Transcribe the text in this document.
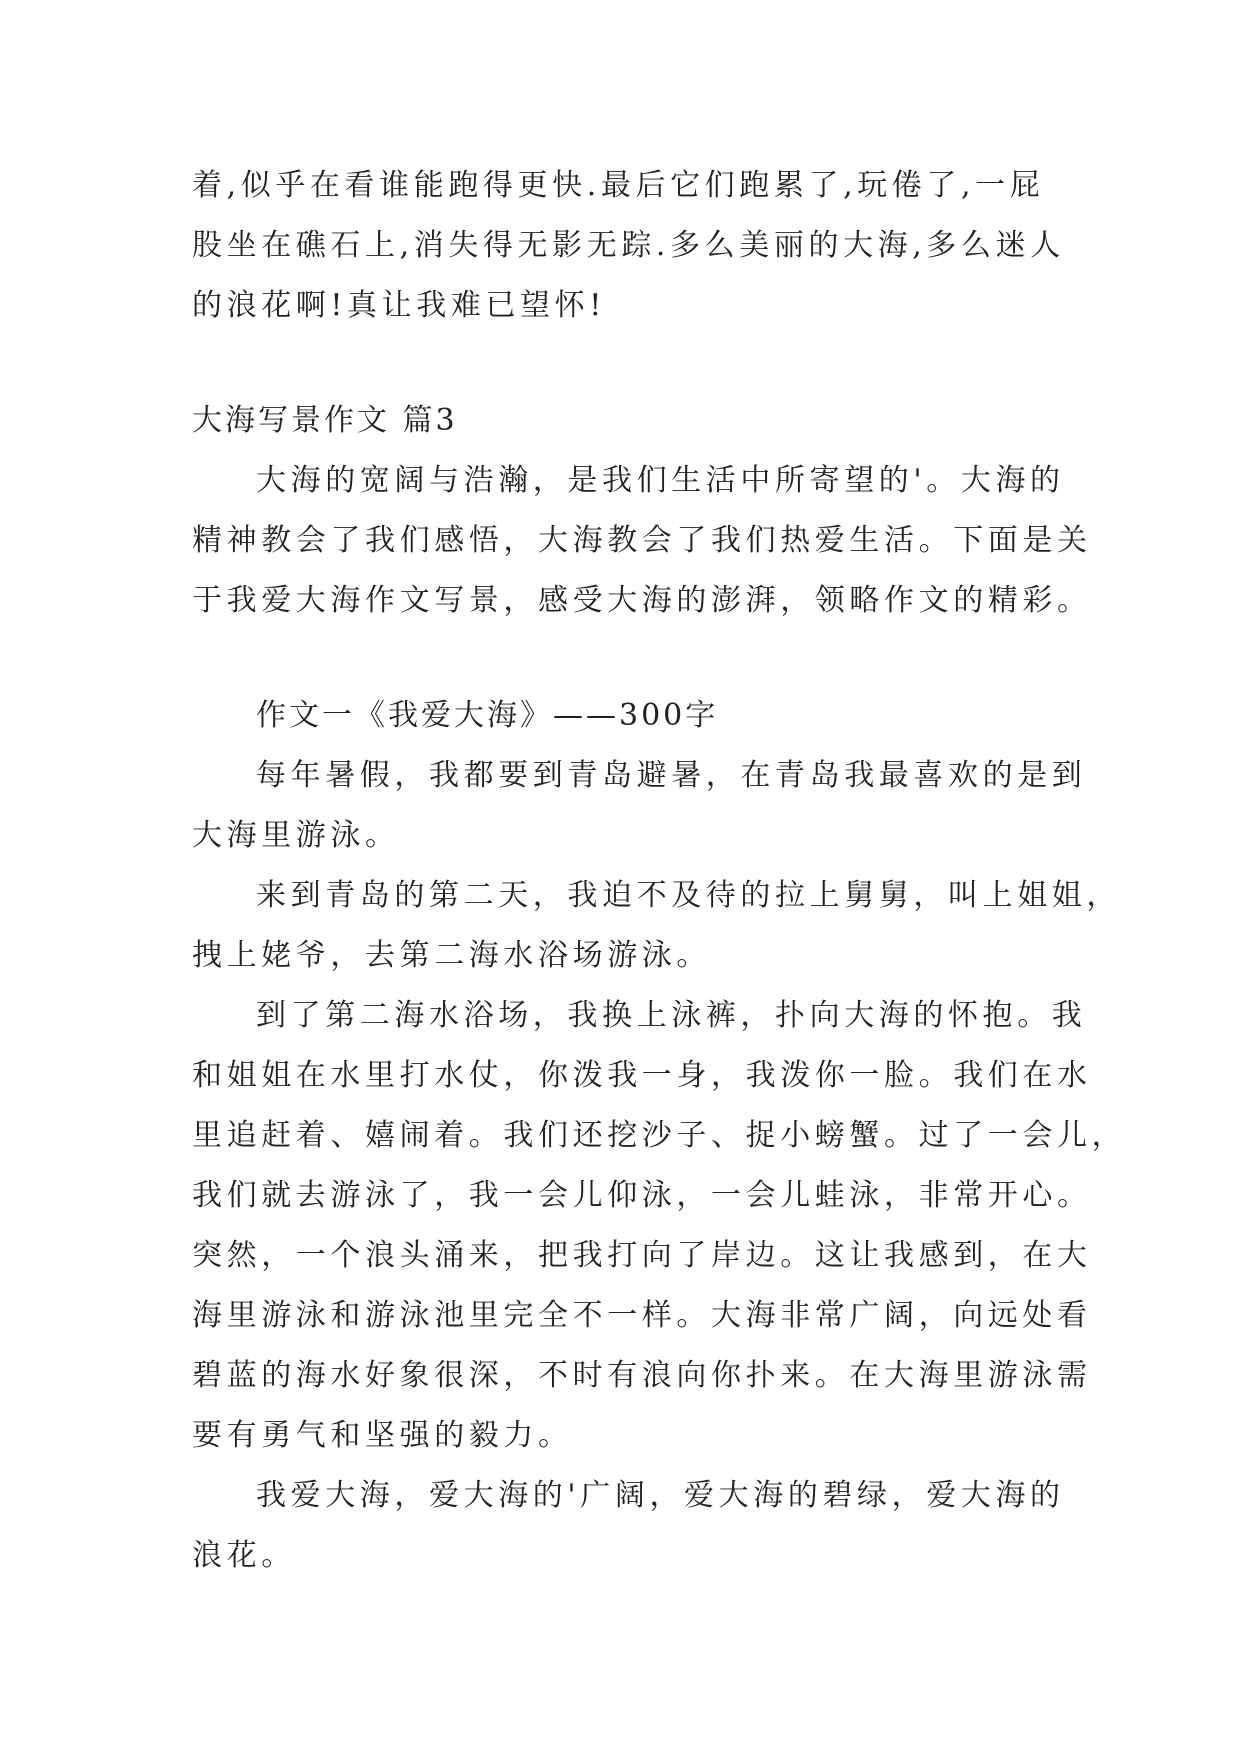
着,似乎在看谁能跑得更快.最后它们跑累了,玩倦了,一屁
股坐在礁石上,消失得无影无踪.多么美丽的大海,多么迷人
的浪花啊!真让我难已望怀!
大海写景作文 篇3
大海的宽阔与浩瀚，是我们生活中所寄望的'。大海的
精神教会了我们感悟，大海教会了我们热爱生活。下面是关
于我爱大海作文写景，感受大海的澎湃，领略作文的精彩。
作文一《我爱大海》——300字
每年暑假，我都要到青岛避暑，在青岛我最喜欢的是到
大海里游泳。
来到青岛的第二天，我迫不及待的拉上舅舅，叫上姐姐，
拽上姥爷，去第二海水浴场游泳。
到了第二海水浴场，我换上泳裤，扑向大海的怀抱。我
和姐姐在水里打水仗，你泼我一身，我泼你一脸。我们在水
里追赶着、嬉闹着。我们还挖沙子、捉小螃蟹。过了一会儿，
我们就去游泳了，我一会儿仰泳，一会儿蛙泳，非常开心。
突然，一个浪头涌来，把我打向了岸边。这让我感到，在大
海里游泳和游泳池里完全不一样。大海非常广阔，向远处看
碧蓝的海水好象很深，不时有浪向你扑来。在大海里游泳需
要有勇气和坚强的毅力。
我爱大海，爱大海的'广阔，爱大海的碧绿，爱大海的
浪花。
